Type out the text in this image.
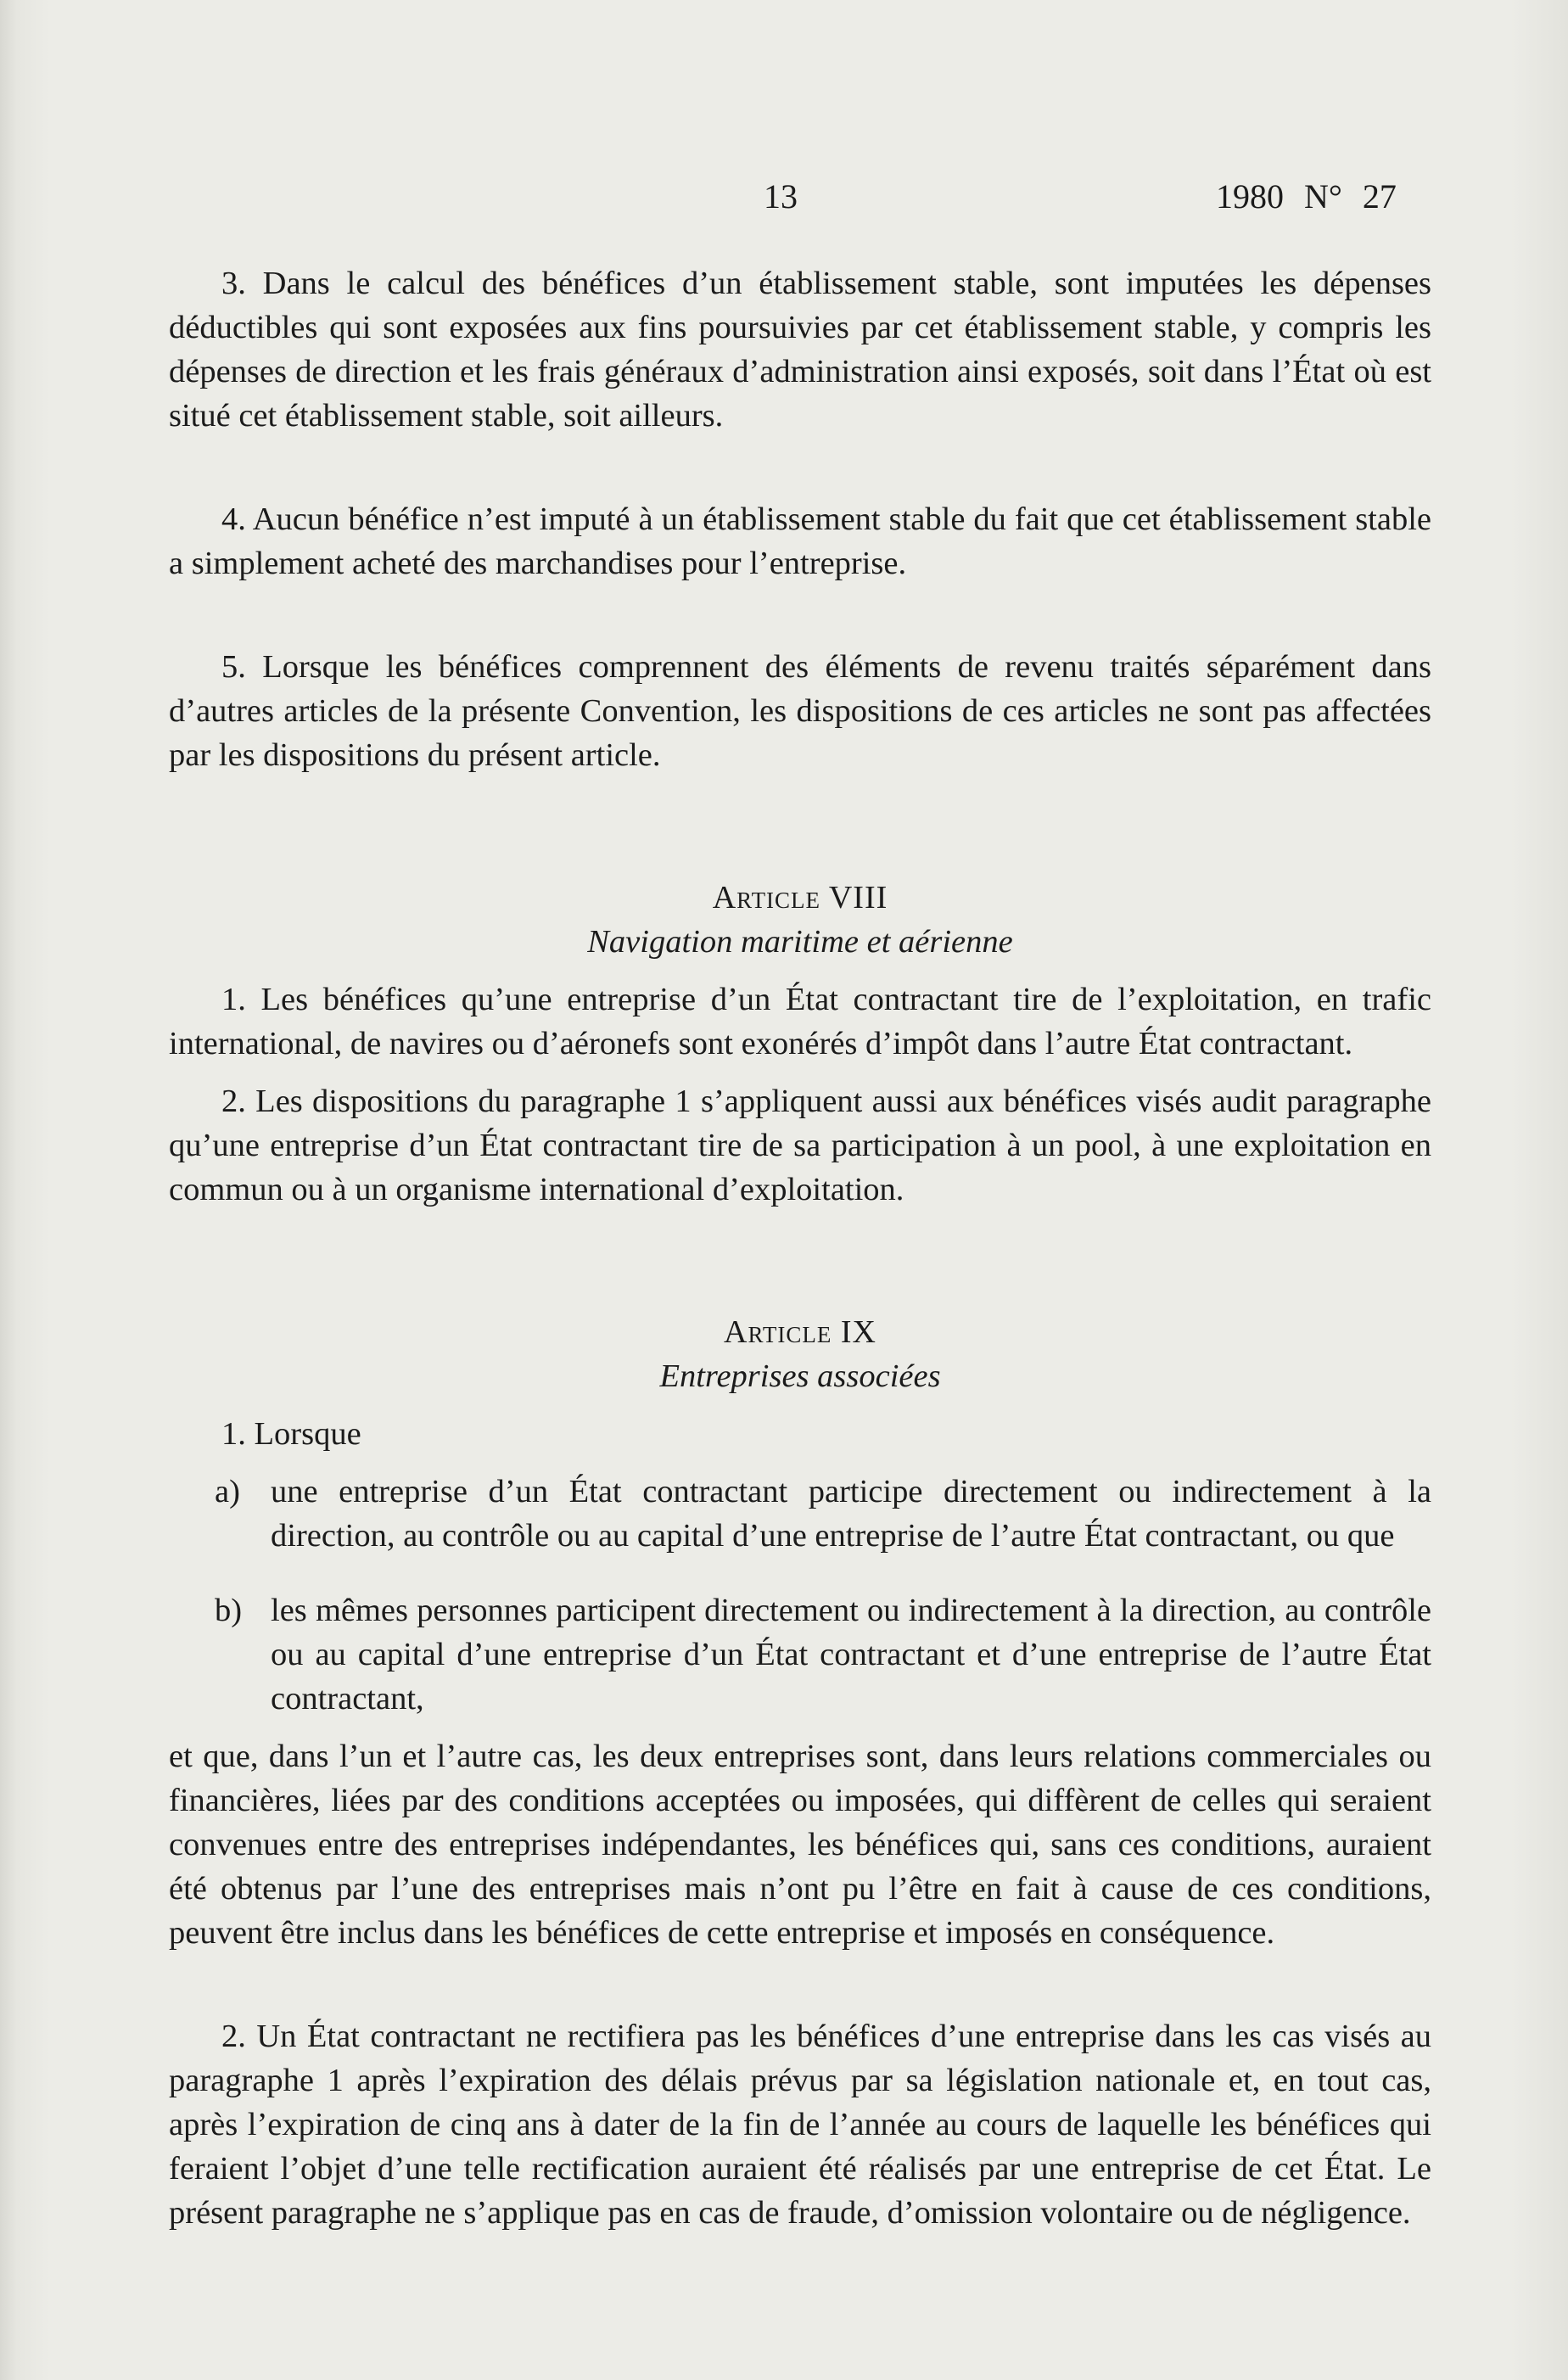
13	1980 N° 27

3. Dans le calcul des bénéfices d’un établissement stable, sont imputées les dépenses déductibles qui sont exposées aux fins poursuivies par cet établissement stable, y compris les dépenses de direction et les frais généraux d’administration ainsi exposés, soit dans l’État où est situé cet établissement stable, soit ailleurs.

4. Aucun bénéfice n’est imputé à un établissement stable du fait que cet établissement stable a simplement acheté des marchandises pour l’entreprise.

5. Lorsque les bénéfices comprennent des éléments de revenu traités séparément dans d’autres articles de la présente Convention, les dispositions de ces articles ne sont pas affectées par les dispositions du présent article.

Article VIII
Navigation maritime et aérienne

1. Les bénéfices qu’une entreprise d’un État contractant tire de l’exploitation, en trafic international, de navires ou d’aéronefs sont exonérés d’impôt dans l’autre État contractant.

2. Les dispositions du paragraphe 1 s’appliquent aussi aux bénéfices visés audit paragraphe qu’une entreprise d’un État contractant tire de sa participation à un pool, à une exploitation en commun ou à un organisme international d’exploitation.

Article IX
Entreprises associées

1. Lorsque

a) une entreprise d’un État contractant participe directement ou indirectement à la direction, au contrôle ou au capital d’une entreprise de l’autre État contractant, ou que
b) les mêmes personnes participent directement ou indirectement à la direction, au contrôle ou au capital d’une entreprise d’un État contractant et d’une entreprise de l’autre État contractant,

et que, dans l’un et l’autre cas, les deux entreprises sont, dans leurs relations commerciales ou financières, liées par des conditions acceptées ou imposées, qui diffèrent de celles qui seraient convenues entre des entreprises indépendantes, les bénéfices qui, sans ces conditions, auraient été obtenus par l’une des entreprises mais n’ont pu l’être en fait à cause de ces conditions, peuvent être inclus dans les bénéfices de cette entreprise et imposés en conséquence.

2. Un État contractant ne rectifiera pas les bénéfices d’une entreprise dans les cas visés au paragraphe 1 après l’expiration des délais prévus par sa législation nationale et, en tout cas, après l’expiration de cinq ans à dater de la fin de l’année au cours de laquelle les bénéfices qui feraient l’objet d’une telle rectification auraient été réalisés par une entreprise de cet État. Le présent paragraphe ne s’applique pas en cas de fraude, d’omission volontaire ou de négligence.
